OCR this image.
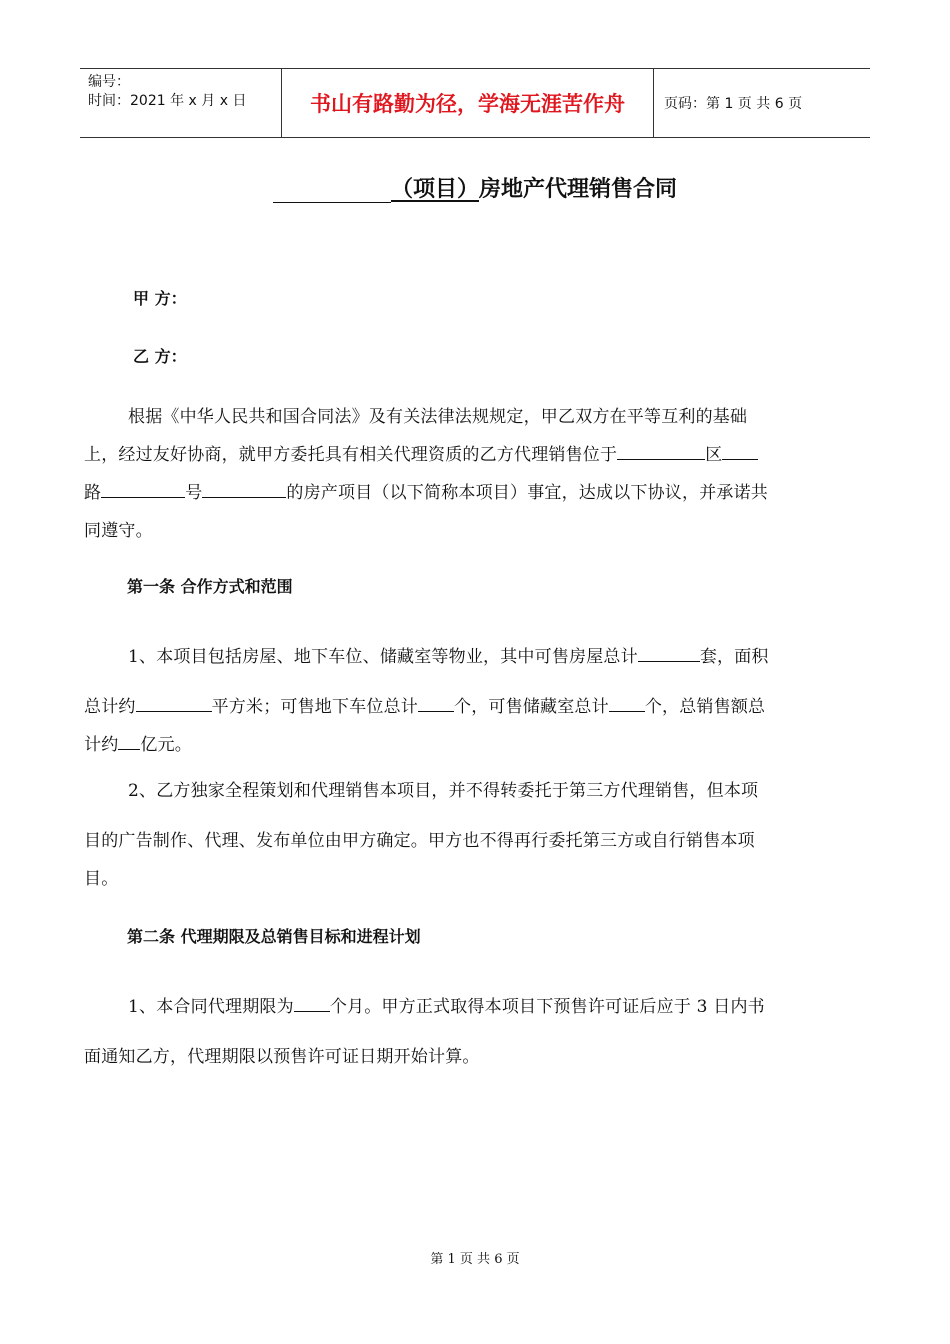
编号：
时间：2021 年 x 月 x 日	书山有路勤为径，学海无涯苦作舟	页码：第 1 页 共 6 页
（项目）房地产代理销售合同
甲 方：
乙 方：
根据《中华人民共和国合同法》及有关法律法规规定，甲乙双方在平等互利的基础
上，经过友好协商，就甲方委托具有相关代理资质的乙方代理销售位于	区
路	号	的房产项目（以下简称本项目）事宜，达成以下协议，并承诺共
同遵守。
第一条 合作方式和范围
1、本项目包括房屋、地下车位、储藏室等物业，其中可售房屋总计	套，面积
总计约	平方米；可售地下车位总计 个，可售储藏室总计 个，总销售额总
计约 亿元。
2、乙方独家全程策划和代理销售本项目，并不得转委托于第三方代理销售，但本项
目的广告制作、代理、发布单位由甲方确定。甲方也不得再行委托第三方或自行销售本项
目。
第二条 代理期限及总销售目标和进程计划
1、本合同代理期限为 个月。甲方正式取得本项目下预售许可证后应于 3 日内书
面通知乙方，代理期限以预售许可证日期开始计算。
第 1 页 共 6 页
